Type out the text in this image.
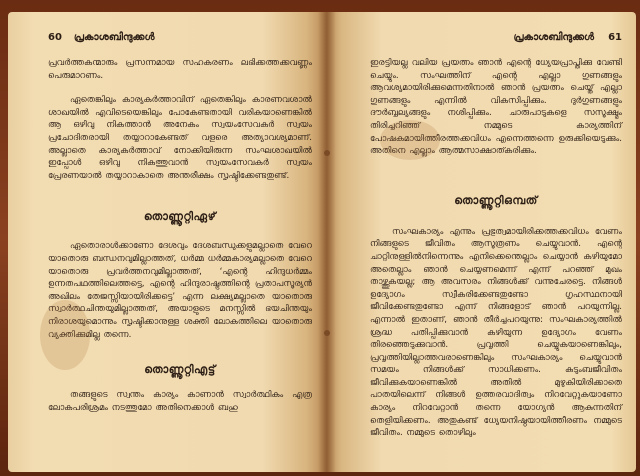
60	പ്രകാശബിന്ദുക്കൾ

പ്രവർത്തകന്മാരും പ്രസന്നമായ സഹകരണം ലഭിക്കത്തക്കവണ്ണം പെരുമാറണം.

ഏതെങ്കിലും കാര്യകർത്താവിന് ഏതെങ്കിലും കാരണവശാൽ ശാഖയിൽ എവിടെയെങ്കിലും പോകേണ്ടതായി വരികയാണെങ്കിൽ ആ ഒഴിവു നികത്താൻ അനേകം സ്വയംസേവകർ സ്വയം പ്രചോദിതരായി തയ്യാറാകേണ്ടത് വളരെ അത്യാവശ്യമാണ്. അല്ലാതെ കാര്യകർത്താവ് നോക്കിയിരുന്ന സംഘശാഖയിൽ ഇപ്പോൾ ഒഴിവു നികത്തുവാൻ സ്വയംസേവകർ സ്വയം പ്രേരണയാൽ തയ്യാറാകാതെ അന്തരീക്ഷം സൃഷ്ടിക്കേണ്ടതുണ്ട്.

തൊണ്ണൂറ്റിഏഴ്

ഏതൊരാൾക്കാണോ ദേശവും ദേശബന്ധുക്കളുമല്ലാതെ വേറെ യാതൊരു ബന്ധനവുമില്ലാത്തത്, ധർമ്മ ധർമ്മകാര്യമല്ലാതെ വേറെ യാതൊരു പ്രവർത്തനവുമില്ലാത്തത്, ‘എന്റെ ഹിന്ദുധർമ്മം ഉന്നതപഥത്തിലെത്തട്ടെ, എന്റെ ഹിന്ദുരാഷ്ട്രത്തിന്റെ പ്രതാപസൂര്യൻ അഖിലം തേജസ്സിയായിരിക്കട്ടെ’ എന്ന ലക്ഷ്യമല്ലാതെ യാതൊരു സ്വാർത്ഥചിന്തയുമില്ലാത്തത്, അയാളുടെ മനസ്സിൽ ഭയചിന്തയും നിരാശയുമൊന്നും സൃഷ്ടിക്കാനുള്ള ശക്തി ലോകത്തിലെ യാതൊരു വ്യക്തിക്കുമില്ല തന്നെ.

തൊണ്ണൂറ്റിഎട്ട്

തങ്ങളുടെ സ്വന്തം കാര്യം കാണാൻ സ്വാർത്ഥികം എത്ര ലോകപരിശ്രമം നടത്തുമോ അതിനെക്കാൾ ബഹു

പ്രകാശബിന്ദുക്കൾ 61

ഇരട്ടിയല്ല വലിയ പ്രയത്നം ഞാൻ എന്റെ ധ്യേയപ്രാപ്തിക്കു വേണ്ടി ചെയ്യും. സംഘത്തിന് എന്റെ എല്ലാ ഗുണങ്ങളും ആവശ്യമായിരിക്കുമെന്നതിനാൽ ഞാൻ പ്രയത്നം ചെയ്ത് എല്ലാ ഗുണങ്ങളും എന്നിൽ വികസിപ്പിക്കും. ദുർഗുണങ്ങളും ദൗർബ്ബല്യങ്ങളും നശിപ്പിക്കും. ചാരുപാടുകളെ സസൂക്ഷ്മം തിരിച്ചറിഞ്ഞ് നമ്മുടെ കാര്യത്തിന് പോഷകമായിത്തീരത്തക്കവിധം എന്നെത്തന്നെ ഉരുക്കിയെടുക്കും. അതിനെ എല്ലാം ആത്മസാക്ഷാത്കരിക്കും.

തൊണ്ണൂറ്റിഒമ്പത്

സംഘകാര്യം എന്നും പ്രഭുത്വമായിരിക്കത്തക്കവിധം വേണം നിങ്ങളുടെ ജീവിതം ആസൂത്രണം ചെയ്യുവാൻ. എന്റെ ചാറ്റിനുള്ളിൽനിന്നെന്നും എനിക്കെന്തെല്ലാം ചെയ്യാൻ കഴിയുമോ അതെല്ലാം ഞാൻ ചെയ്യണമെന്ന് എന്ന് പറഞ്ഞ് മുഖം താഴ്ത്തുകയല്ല; ആ അവസരം നിങ്ങൾക്ക് വന്നുചേരട്ടെ. നിങ്ങൾ ഉദ്യോഗം സ്വീകരിക്കേണ്ടതുണ്ടോ ഗൃഹസ്ഥനായി ജീവിക്കേണ്ടതുണ്ടോ എന്ന് നിങ്ങളോട് ഞാൻ പറയുന്നില്ല. എന്നാൽ ഇതാണ്, ഞാൻ തീർച്ചപറയുന്നു: സംഘകാര്യത്തിൽ ശ്രദ്ധ പതിപ്പിക്കുവാൻ കഴിയുന്ന ഉദ്യോഗം വേണം തിരഞ്ഞെടുക്കുവാൻ. പ്രവൃത്തി ചെയ്യുകയാണെങ്കിലും, പ്രവൃത്തിയില്ലാത്തവരാണെങ്കിലും സംഘകാര്യം ചെയ്യുവാൻ സമയം നിങ്ങൾക്ക് സാധിക്കണം. കുടുംബജീവിതം ജീവിക്കുകയാണെങ്കിൽ അതിൽ മുഴുകിയിരിക്കാതെ പാതയിലെന്ന് നിങ്ങൾ ഉത്തരവാദിത്വം നിറവേറ്റുകയാണോ കാര്യം നിറവേറ്റാൻ തന്നെ യോഗ്യൻ ആകുന്നതിന് തെളിയിക്കണം. അതുകണ്ട് ധ്യേയനിഷ്ഠയായിത്തീരണം നമ്മുടെ ജീവിതം. നമ്മുടെ തൊഴിലും
